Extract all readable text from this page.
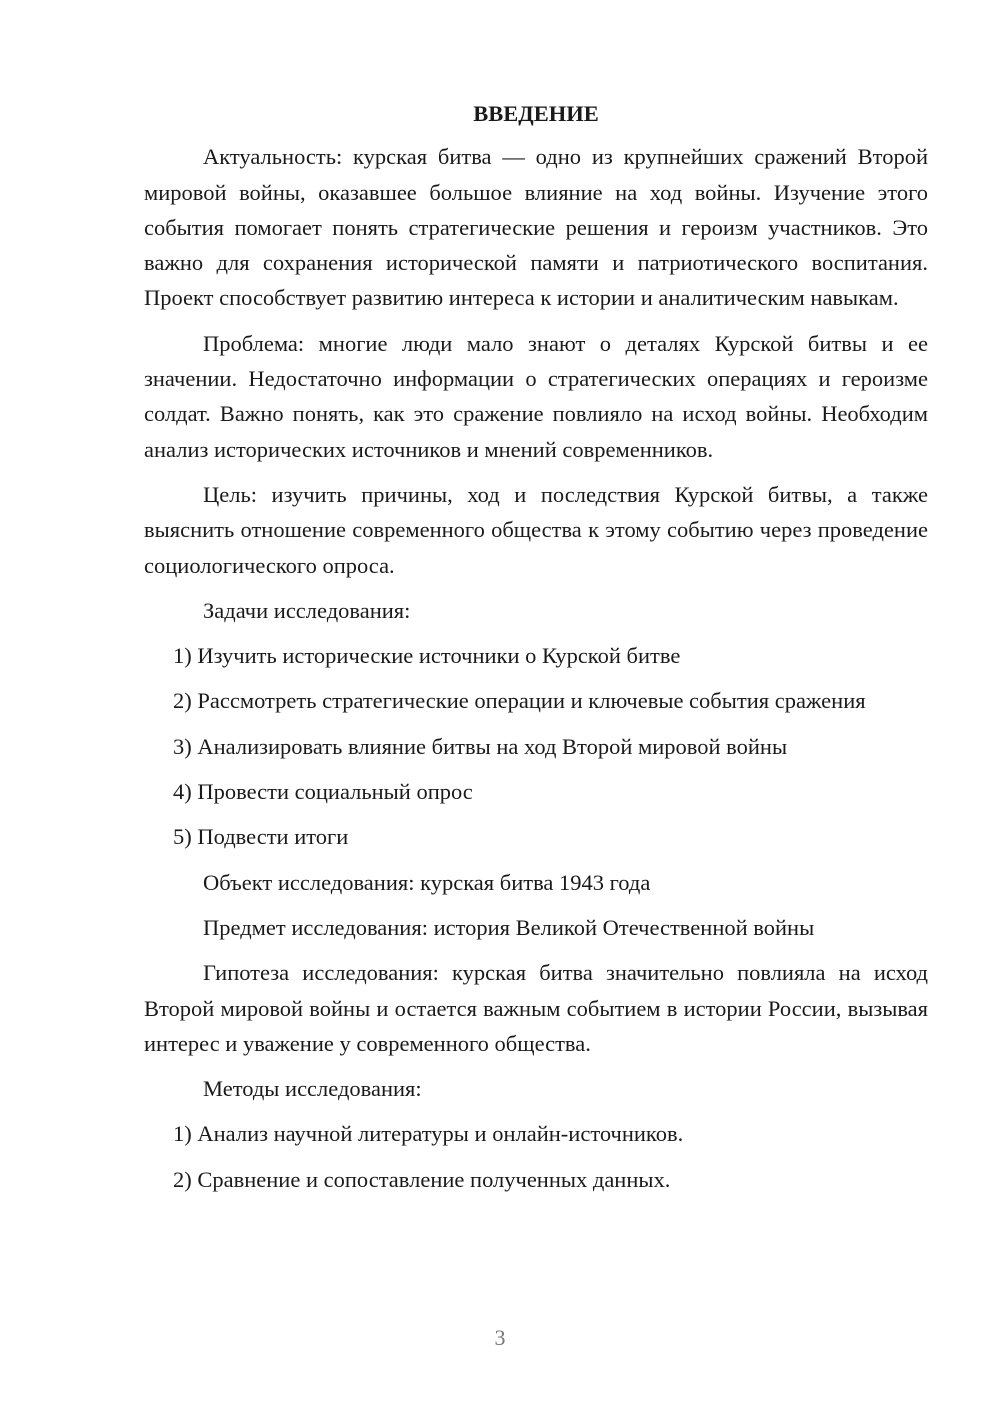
ВВЕДЕНИЕ

Актуальность: курская битва — одно из крупнейших сражений Второй мировой войны, оказавшее большое влияние на ход войны. Изучение этого события помогает понять стратегические решения и героизм участников. Это важно для сохранения исторической памяти и патриотического воспитания. Проект способствует развитию интереса к истории и аналитическим навыкам.

Проблема: многие люди мало знают о деталях Курской битвы и ее значении. Недостаточно информации о стратегических операциях и героизме солдат. Важно понять, как это сражение повлияло на исход войны. Необходим анализ исторических источников и мнений современников.

Цель: изучить причины, ход и последствия Курской битвы, а также выяснить отношение современного общества к этому событию через проведение социологического опроса.

Задачи исследования:

1) Изучить исторические источники о Курской битве

2) Рассмотреть стратегические операции и ключевые события сражения

3) Анализировать влияние битвы на ход Второй мировой войны

4) Провести социальный опрос

5) Подвести итоги

Объект исследования: курская битва 1943 года

Предмет исследования: история Великой Отечественной войны

Гипотеза исследования: курская битва значительно повлияла на исход Второй мировой войны и остается важным событием в истории России, вызывая интерес и уважение у современного общества.

Методы исследования:

1) Анализ научной литературы и онлайн-источников.

2) Сравнение и сопоставление полученных данных.

3
